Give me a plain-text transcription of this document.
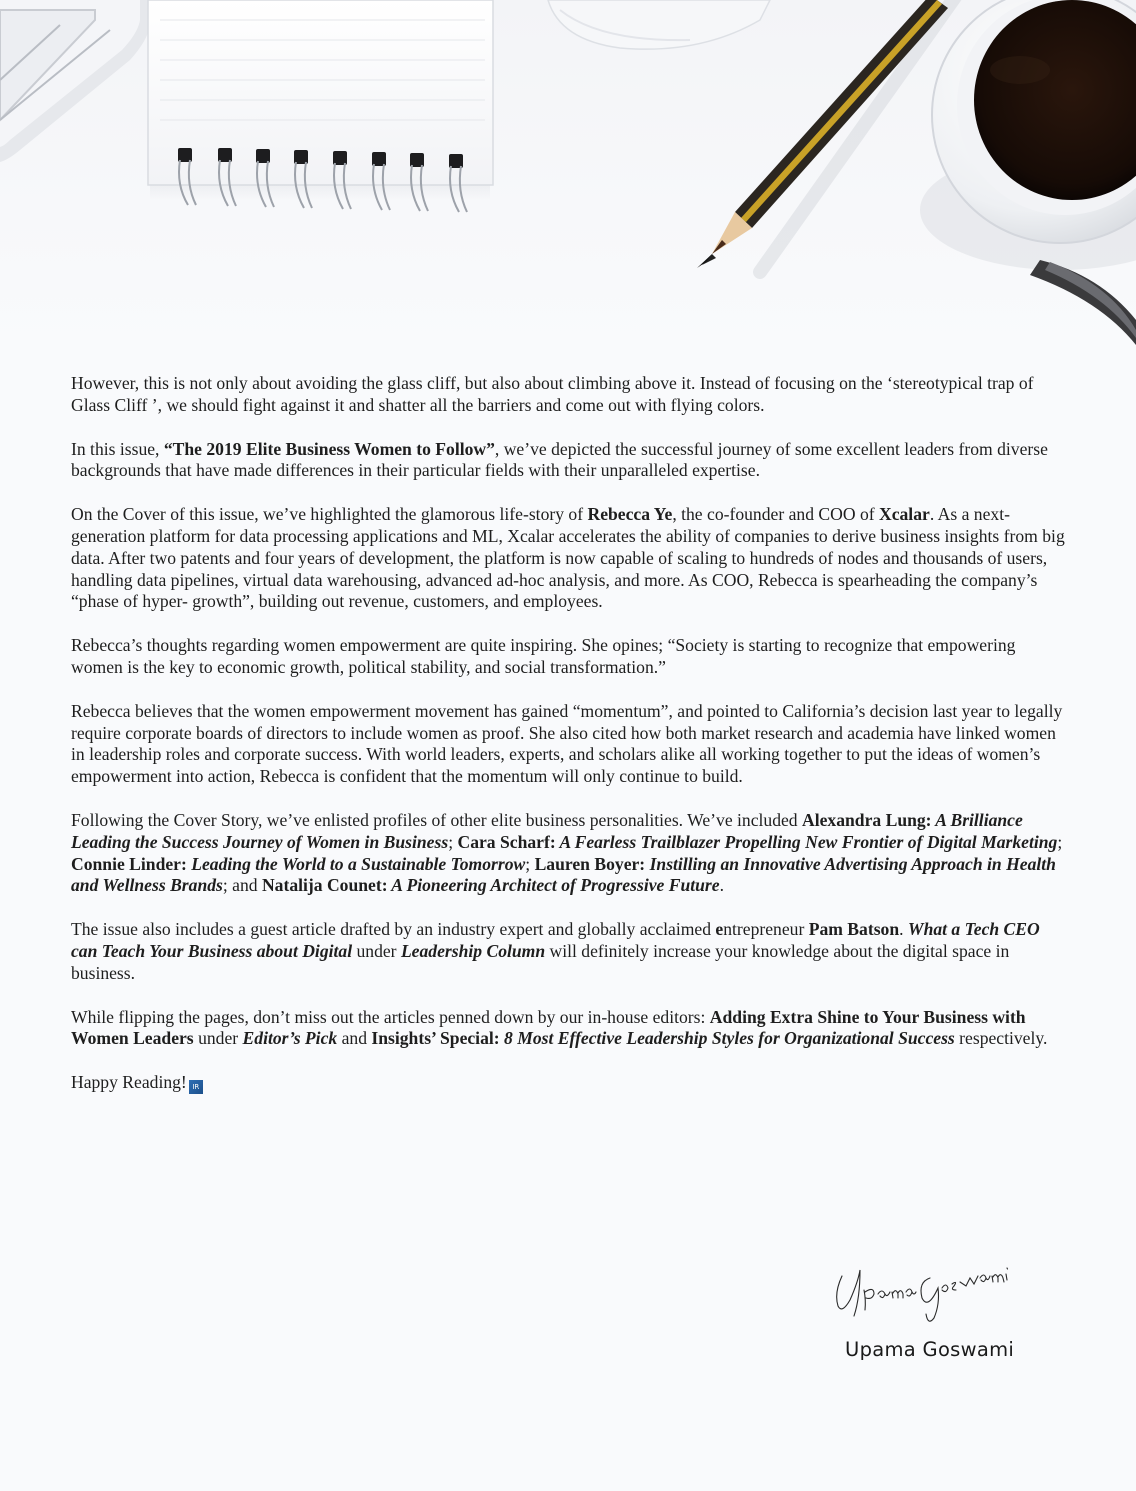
However, this is not only about avoiding the glass cliff, but also about climbing above it. Instead of focusing on the ‘stereotypical trap of Glass Cliff ’, we should fight against it and shatter all the barriers and come out with flying colors.

In this issue, “The 2019 Elite Business Women to Follow”, we’ve depicted the successful journey of some excellent leaders from diverse backgrounds that have made differences in their particular fields with their unparalleled expertise.

On the Cover of this issue, we’ve highlighted the glamorous life-story of Rebecca Ye, the co-founder and COO of Xcalar. As a next- generation platform for data processing applications and ML, Xcalar accelerates the ability of companies to derive business insights from big data. After two patents and four years of development, the platform is now capable of scaling to hundreds of nodes and thousands of users, handling data pipelines, virtual data warehousing, advanced ad-hoc analysis, and more. As COO, Rebecca is spearheading the company’s “phase of hyper- growth”, building out revenue, customers, and employees.

Rebecca’s thoughts regarding women empowerment are quite inspiring. She opines; “Society is starting to recognize that empowering women is the key to economic growth, political stability, and social transformation.”

Rebecca believes that the women empowerment movement has gained “momentum”, and pointed to California’s decision last year to legally require corporate boards of directors to include women as proof. She also cited how both market research and academia have linked women in leadership roles and corporate success. With world leaders, experts, and scholars alike all working together to put the ideas of women’s empowerment into action, Rebecca is confident that the momentum will only continue to build.

Following the Cover Story, we’ve enlisted profiles of other elite business personalities. We’ve included Alexandra Lung: A Brilliance Leading the Success Journey of Women in Business; Cara Scharf: A Fearless Trailblazer Propelling New Frontier of Digital Marketing; Connie Linder: Leading the World to a Sustainable Tomorrow; Lauren Boyer: Instilling an Innovative Advertising Approach in Health and Wellness Brands; and Natalija Counet: A Pioneering Architect of Progressive Future.

The issue also includes a guest article drafted by an industry expert and globally acclaimed entrepreneur Pam Batson. What a Tech CEO can Teach Your Business about Digital under Leadership Column will definitely increase your knowledge about the digital space in business.

While flipping the pages, don’t miss out the articles penned down by our in-house editors: Adding Extra Shine to Your Business with Women Leaders under Editor’s Pick and Insights’ Special: 8 Most Effective Leadership Styles for Organizational Success respectively.

Happy Reading! IR

Upama Goswami
